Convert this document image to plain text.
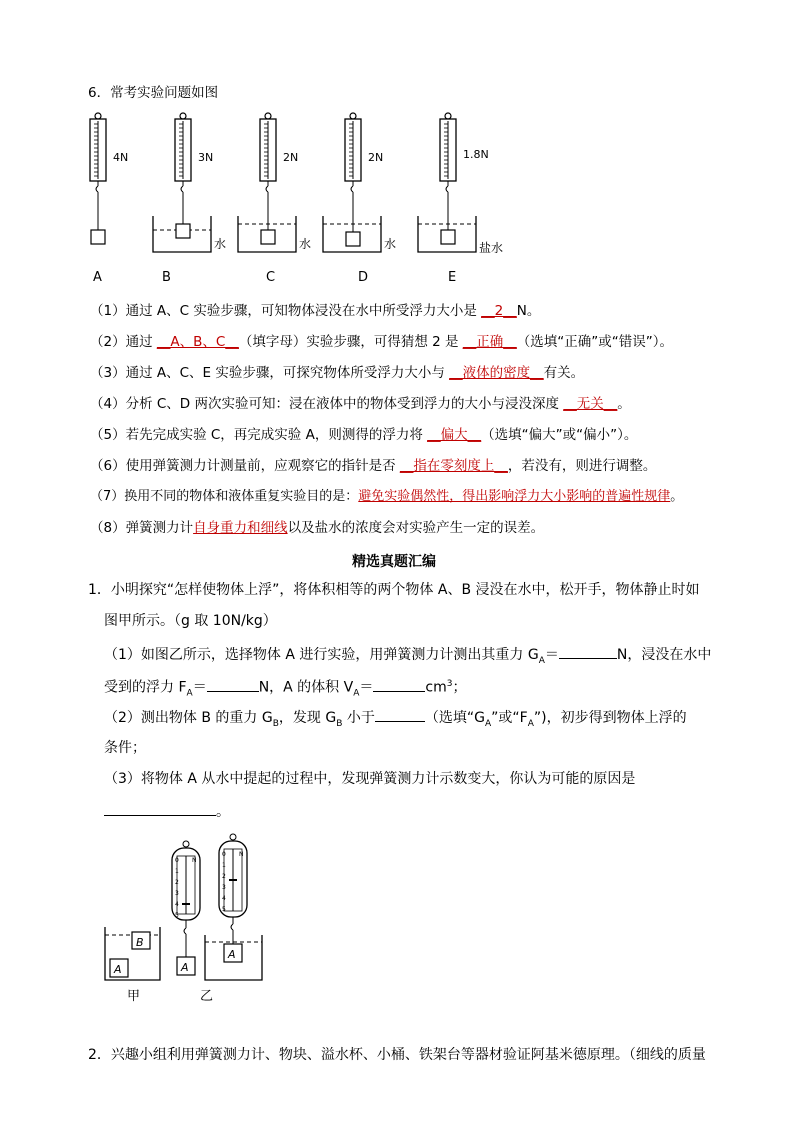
6．常考实验问题如图
4N	3N	2N	2N	1.8N
水	水	水	盐水
A	B	C	D	E
（1）通过 A、C 实验步骤，可知物体浸没在水中所受浮力大小是 __2__N。
（2）通过 __A、B、C__（填字母）实验步骤，可得猜想 2 是 __正确__（选填“正确”或“错误”）。
（3）通过 A、C、E 实验步骤，可探究物体所受浮力大小与 __液体的密度__有关。
（4）分析 C、D 两次实验可知：浸在液体中的物体受到浮力的大小与浸没深度 __无关__。
（5）若先完成实验 C，再完成实验 A，则测得的浮力将 __偏大__（选填“偏大”或“偏小”）。
（6）使用弹簧测力计测量前，应观察它的指针是否 __指在零刻度上__，若没有，则进行调整。
（7）换用不同的物体和液体重复实验目的是：避免实验偶然性，得出影响浮力大小影响的普遍性规律。
（8）弹簧测力计自身重力和细线以及盐水的浓度会对实验产生一定的误差。
精选真题汇编
1．小明探究“怎样使物体上浮”，将体积相等的两个物体 A、B 浸没在水中，松开手，物体静止时如
图甲所示。（g 取 10N/kg）
（1）如图乙所示，选择物体 A 进行实验，用弹簧测力计测出其重力 $G_A=$	N，浸没在水中
受到的浮力 $F_A=$	N，A 的体积 $V_A=$	$cm^3$；
（2）测出物体 B 的重力 $G_B$，发现 $G_B$ 小于	（选填“$G_A$”或“$F_A$”)，初步得到物体上浮的
条件；
（3）将物体 A 从水中提起的过程中，发现弹簧测力计示数变大，你认为可能的原因是
。
B
A	A
0
1
2
3
4
5
N
A
0
1
2
3
4
5
N
甲	乙
2．兴趣小组利用弹簧测力计、物块、溢水杯、小桶、铁架台等器材验证阿基米德原理。（细线的质量
